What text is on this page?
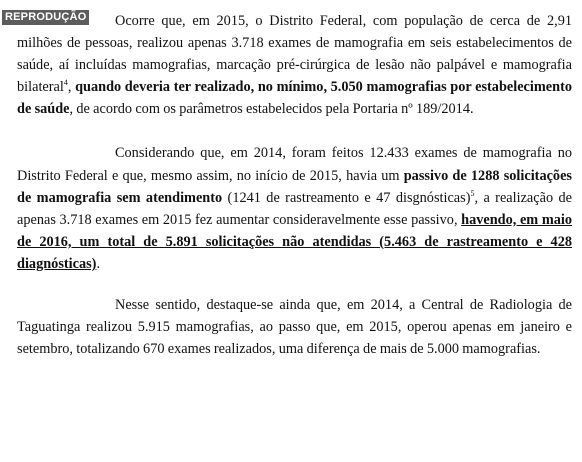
REPRODUÇÃO	Ocorre que, em 2015, o Distrito Federal, com população de cerca de 2,91 milhões de pessoas, realizou apenas 3.718 exames de mamografia em seis estabelecimentos de saúde, aí incluídas mamografias, marcação pré-cirúrgica de lesão não palpável e mamografia bilateral$^4$, quando deveria ter realizado, no mínimo, 5.050 mamografias por estabelecimento de saúde, de acordo com os parâmetros estabelecidos pela Portaria nº 189/2014.

Considerando que, em 2014, foram feitos 12.433 exames de mamografia no Distrito Federal e que, mesmo assim, no início de 2015, havia um passivo de 1288 solicitações de mamografia sem atendimento (1241 de rastreamento e 47 disgnósticas)$^5$, a realização de apenas 3.718 exames em 2015 fez aumentar consideravelmente esse passivo, havendo, em maio de 2016, um total de 5.891 solicitações não atendidas (5.463 de rastreamento e 428 diagnósticas).

Nesse sentido, destaque-se ainda que, em 2014, a Central de Radiologia de Taguatinga realizou 5.915 mamografias, ao passo que, em 2015, operou apenas em janeiro e setembro, totalizando 670 exames realizados, uma diferença de mais de 5.000 mamografias.
